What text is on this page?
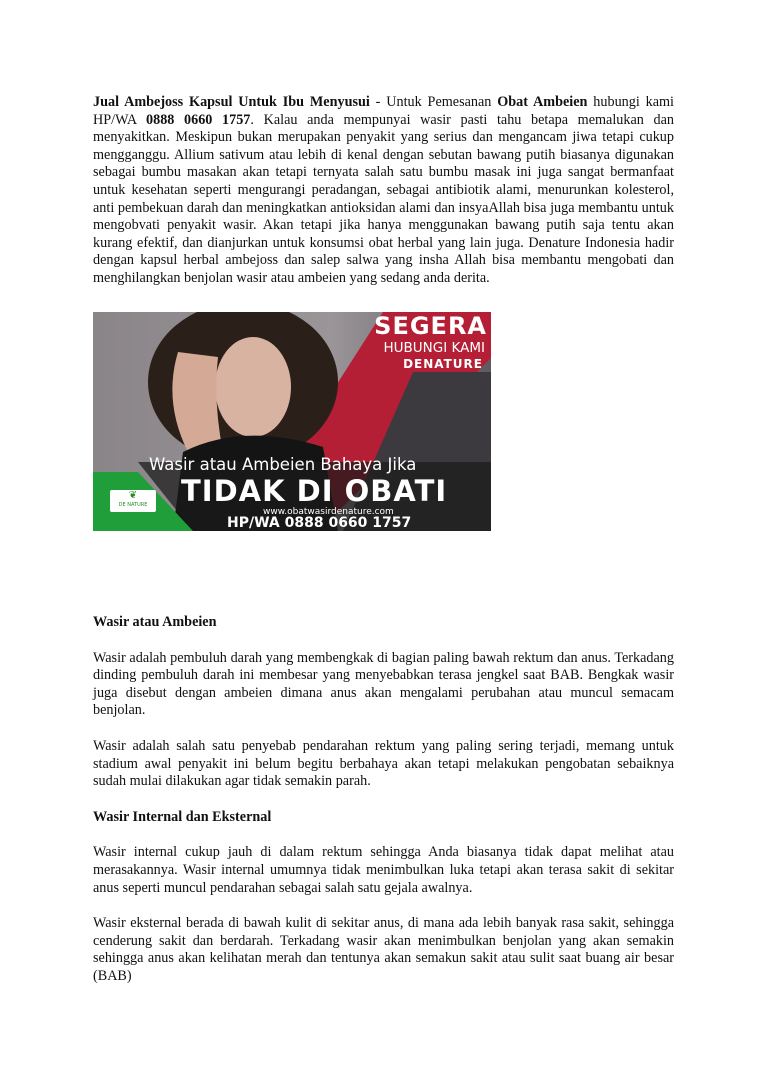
Jual Ambejoss Kapsul Untuk Ibu Menyusui - Untuk Pemesanan Obat Ambeien hubungi kami HP/WA 0888 0660 1757. Kalau anda mempunyai wasir pasti tahu betapa memalukan dan menyakitkan. Meskipun bukan merupakan penyakit yang serius dan mengancam jiwa tetapi cukup mengganggu. Allium sativum atau lebih di kenal dengan sebutan bawang putih biasanya digunakan sebagai bumbu masakan akan tetapi ternyata salah satu bumbu masak ini juga sangat bermanfaat untuk kesehatan seperti mengurangi peradangan, sebagai antibiotik alami, menurunkan kolesterol, anti pembekuan darah dan meningkatkan antioksidan alami dan insyaAllah bisa juga membantu untuk mengobvati penyakit wasir. Akan tetapi jika hanya menggunakan bawang putih saja tentu akan kurang efektif, dan dianjurkan untuk konsumsi obat herbal yang lain juga. Denature Indonesia hadir dengan kapsul herbal ambejoss dan salep salwa yang insha Allah bisa membantu mengobati dan menghilangkan benjolan wasir atau ambeien yang sedang anda derita.

SEGERA
HUBUNGI KAMI
DENATURE
Wasir atau Ambeien Bahaya Jika
TIDAK DI OBATI
www.obatwasirdenature.com
HP/WA 0888 0660 1757
❦
DE NATURE
Wasir atau Ambeien

Wasir adalah pembuluh darah yang membengkak di bagian paling bawah rektum dan anus. Terkadang dinding pembuluh darah ini membesar yang menyebabkan terasa jengkel saat BAB. Bengkak wasir juga disebut dengan ambeien dimana anus akan mengalami perubahan atau muncul semacam benjolan.

Wasir adalah salah satu penyebab pendarahan rektum yang paling sering terjadi, memang untuk stadium awal penyakit ini belum begitu berbahaya akan tetapi melakukan pengobatan sebaiknya sudah mulai dilakukan agar tidak semakin parah.

Wasir Internal dan Eksternal

Wasir internal cukup jauh di dalam rektum sehingga Anda biasanya tidak dapat melihat atau merasakannya. Wasir internal umumnya tidak menimbulkan luka tetapi akan terasa sakit di sekitar anus seperti muncul pendarahan sebagai salah satu gejala awalnya.

Wasir eksternal berada di bawah kulit di sekitar anus, di mana ada lebih banyak rasa sakit, sehingga cenderung sakit dan berdarah. Terkadang wasir akan menimbulkan benjolan yang akan semakin sehingga anus akan kelihatan merah dan tentunya akan semakun sakit atau sulit saat buang air besar (BAB)
